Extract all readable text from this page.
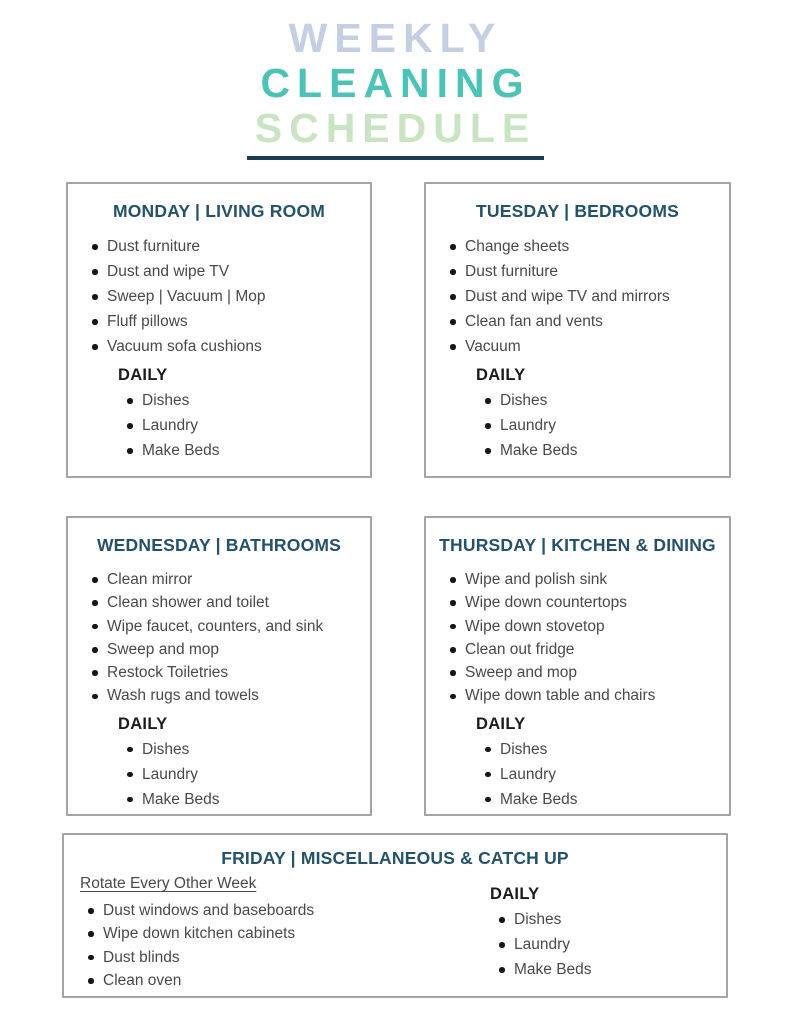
WEEKLY
CLEANING
SCHEDULE
MONDAY | LIVING ROOM
Dust furniture
Dust and wipe TV
Sweep | Vacuum | Mop
Fluff pillows
Vacuum sofa cushions
DAILY
Dishes
Laundry
Make Beds
TUESDAY | BEDROOMS
Change sheets
Dust furniture
Dust and wipe TV and mirrors
Clean fan and vents
Vacuum
DAILY
Dishes
Laundry
Make Beds
WEDNESDAY | BATHROOMS
Clean mirror
Clean shower and toilet
Wipe faucet, counters, and sink
Sweep and mop
Restock Toiletries
Wash rugs and towels
DAILY
Dishes
Laundry
Make Beds
THURSDAY | KITCHEN & DINING
Wipe and polish sink
Wipe down countertops
Wipe down stovetop
Clean out fridge
Sweep and mop
Wipe down table and chairs
DAILY
Dishes
Laundry
Make Beds
FRIDAY | MISCELLANEOUS & CATCH UP
Rotate Every Other Week
Dust windows and baseboards
Wipe down kitchen cabinets
Dust blinds
Clean oven
DAILY
Dishes
Laundry
Make Beds
